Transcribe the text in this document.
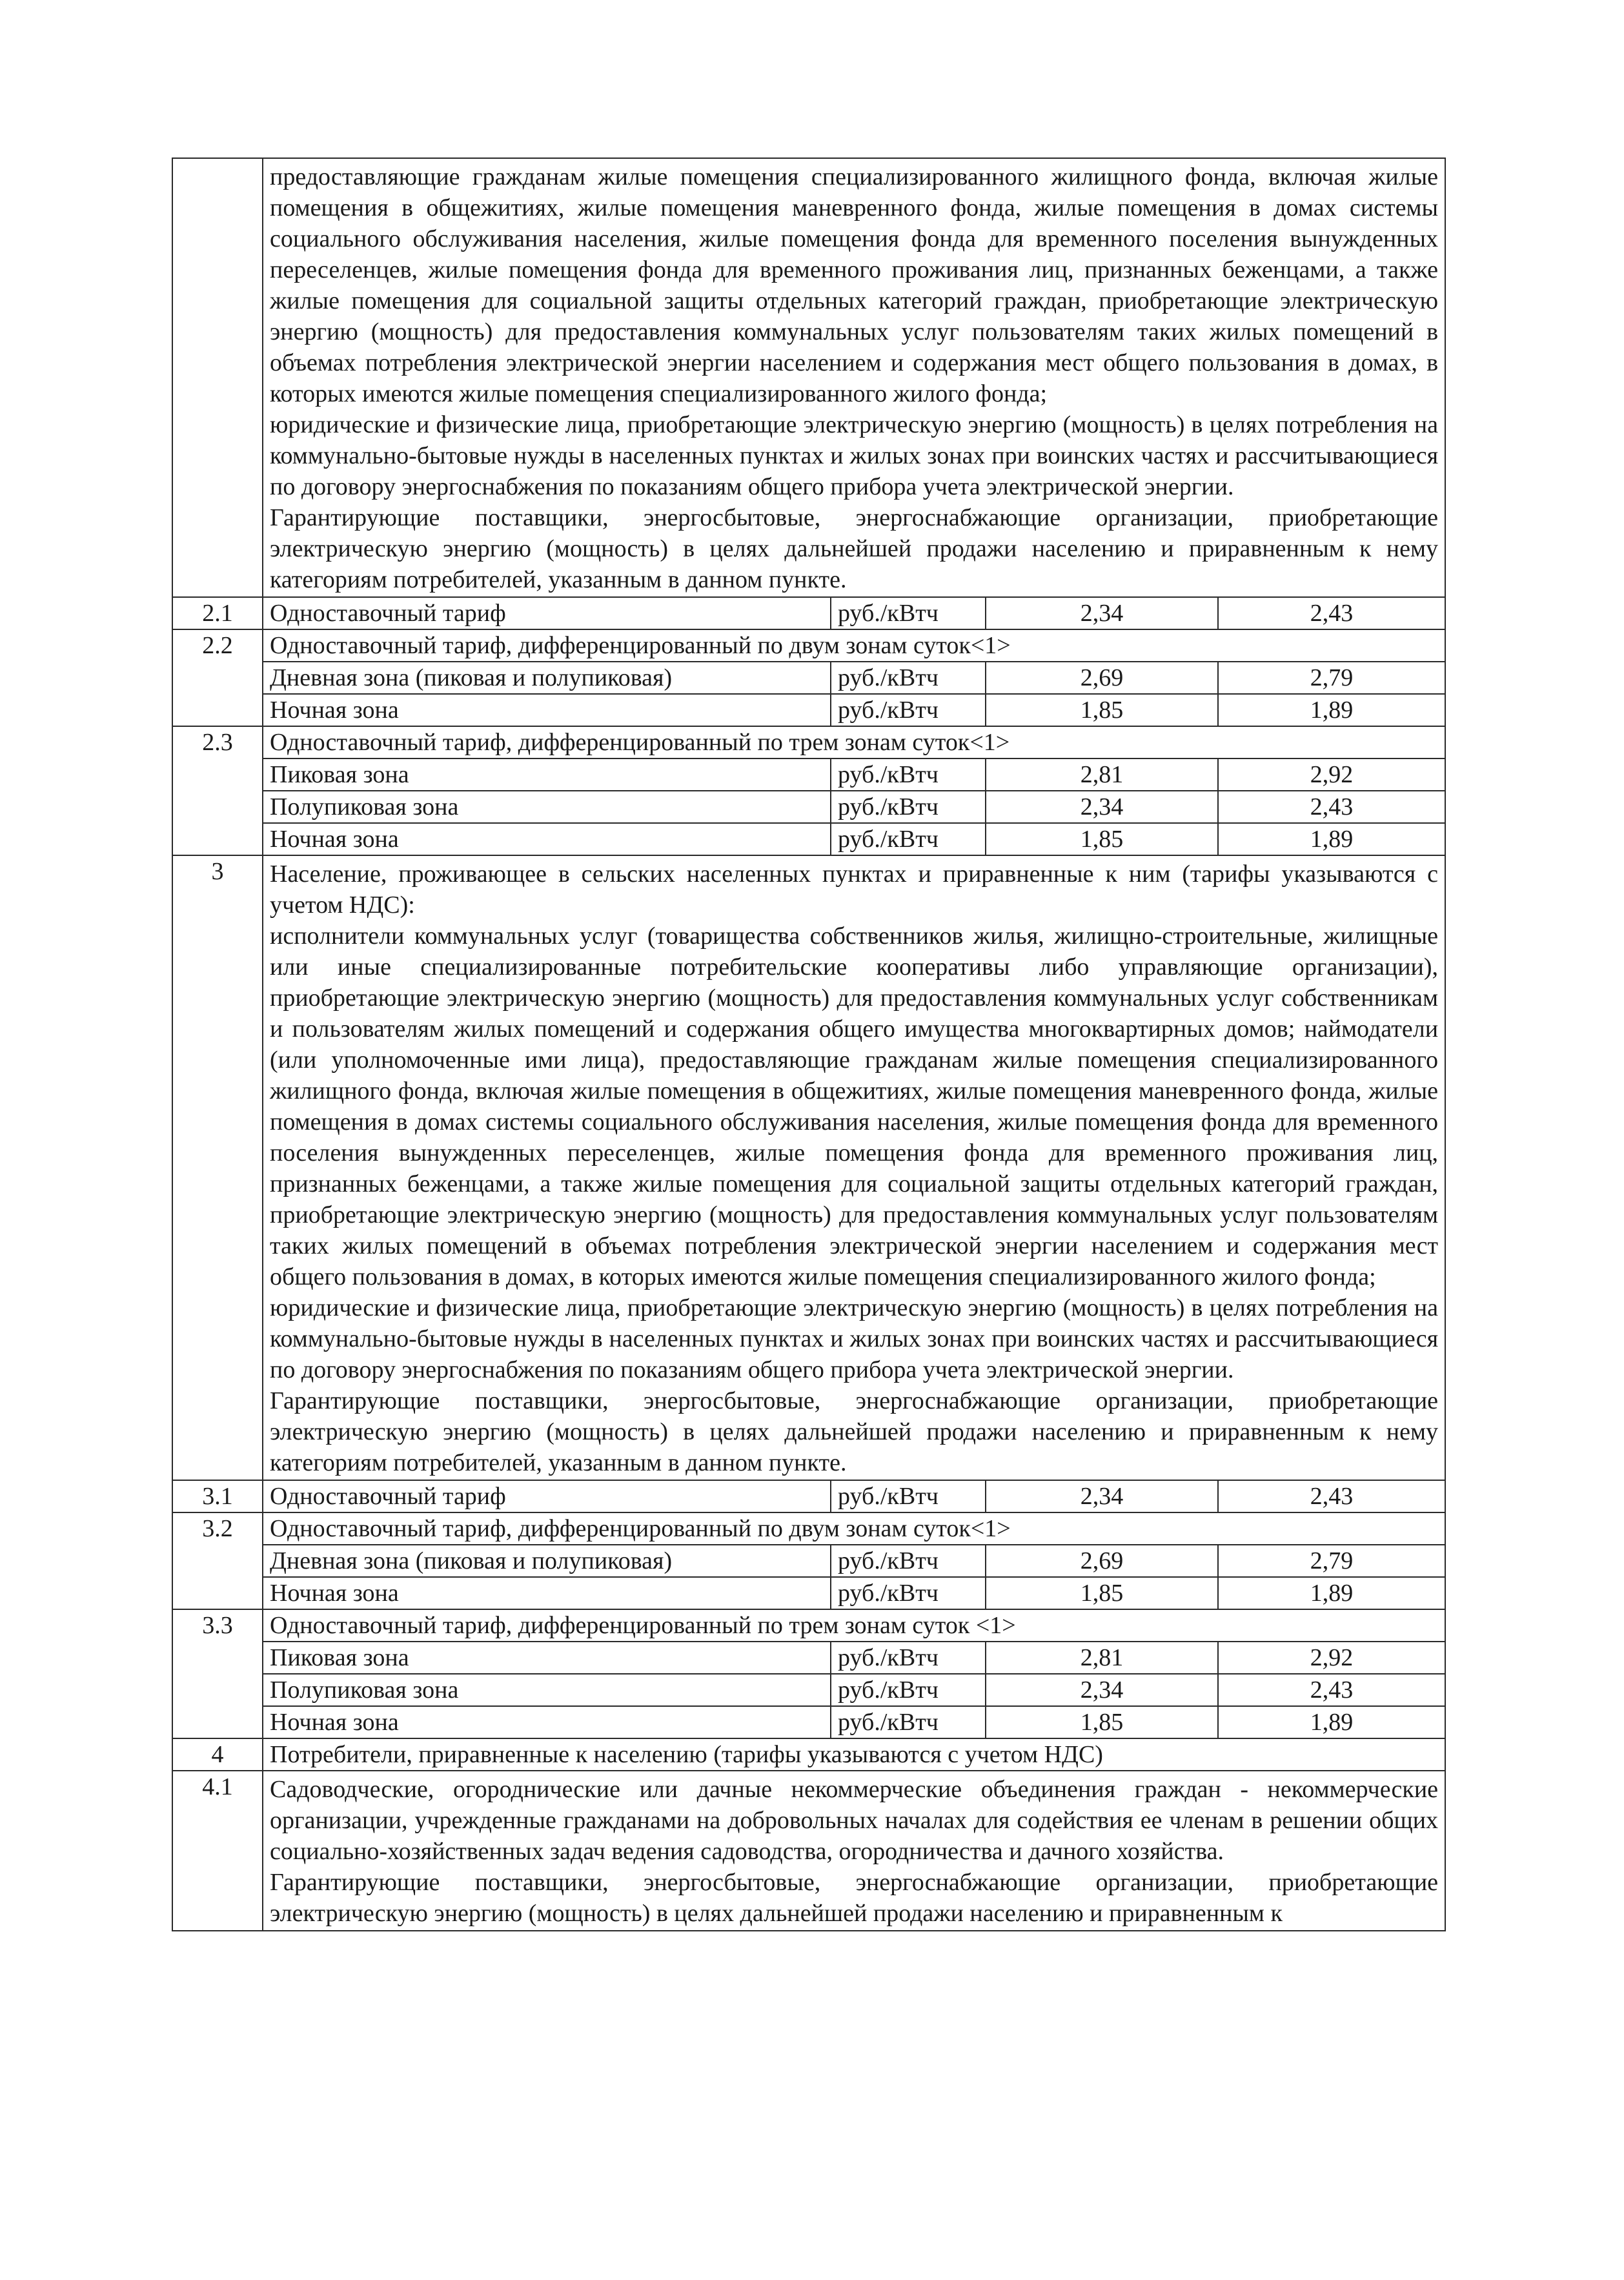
	предоставляющие гражданам жилые помещения специализированного жилищного фонда, включая жилые помещения в общежитиях, жилые помещения маневренного фонда, жилые помещения в домах системы социального обслуживания населения, жилые помещения фонда для временного поселения вынужденных переселенцев, жилые помещения фонда для временного проживания лиц, признанных беженцами, а также жилые помещения для социальной защиты отдельных категорий граждан, приобретающие электрическую энергию (мощность) для предоставления коммунальных услуг пользователям таких жилых помещений в объемах потребления электрической энергии населением и содержания мест общего пользования в домах, в которых имеются жилые помещения специализированного жилого фонда;
юридические и физические лица, приобретающие электрическую энергию (мощность) в целях потребления на коммунально-бытовые нужды в населенных пунктах и жилых зонах при воинских частях и рассчитывающиеся по договору энергоснабжения по показаниям общего прибора учета электрической энергии.
Гарантирующие поставщики, энергосбытовые, энергоснабжающие организации, приобретающие электрическую энергию (мощность) в целях дальнейшей продажи населению и приравненным к нему категориям потребителей, указанным в данном пункте.			

2.1	Одноставочный тариф	руб./кВтч	2,34	2,43
2.2	Одноставочный тариф, дифференцированный по двум зонам суток<1>			
	Дневная зона (пиковая и полупиковая)	руб./кВтч	2,69	2,79
	Ночная зона	руб./кВтч	1,85	1,89
2.3	Одноставочный тариф, дифференцированный по трем зонам суток<1>			
	Пиковая зона	руб./кВтч	2,81	2,92
	Полупиковая зона	руб./кВтч	2,34	2,43
	Ночная зона	руб./кВтч	1,85	1,89
3	Население, проживающее в сельских населенных пунктах и приравненные к ним (тарифы указываются с учетом НДС):
исполнители коммунальных услуг (товарищества собственников жилья, жилищно-строительные, жилищные или иные специализированные потребительские кооперативы либо управляющие организации), приобретающие электрическую энергию (мощность) для предоставления коммунальных услуг собственникам и пользователям жилых помещений и содержания общего имущества многоквартирных домов; наймодатели (или уполномоченные ими лица), предоставляющие гражданам жилые помещения специализированного жилищного фонда, включая жилые помещения в общежитиях, жилые помещения маневренного фонда, жилые помещения в домах системы социального обслуживания населения, жилые помещения фонда для временного поселения вынужденных переселенцев, жилые помещения фонда для временного проживания лиц, признанных беженцами, а также жилые помещения для социальной защиты отдельных категорий граждан, приобретающие электрическую энергию (мощность) для предоставления коммунальных услуг пользователям таких жилых помещений в объемах потребления электрической энергии населением и содержания мест общего пользования в домах, в которых имеются жилые помещения специализированного жилого фонда;
юридические и физические лица, приобретающие электрическую энергию (мощность) в целях потребления на коммунально-бытовые нужды в населенных пунктах и жилых зонах при воинских частях и рассчитывающиеся по договору энергоснабжения по показаниям общего прибора учета электрической энергии.
Гарантирующие поставщики, энергосбытовые, энергоснабжающие организации, приобретающие электрическую энергию (мощность) в целях дальнейшей продажи населению и приравненным к нему категориям потребителей, указанным в данном пункте.			

3.1	Одноставочный тариф	руб./кВтч	2,34	2,43
3.2	Одноставочный тариф, дифференцированный по двум зонам суток<1>			
	Дневная зона (пиковая и полупиковая)	руб./кВтч	2,69	2,79
	Ночная зона	руб./кВтч	1,85	1,89
3.3	Одноставочный тариф, дифференцированный по трем зонам суток <1>			
	Пиковая зона	руб./кВтч	2,81	2,92
	Полупиковая зона	руб./кВтч	2,34	2,43
	Ночная зона	руб./кВтч	1,85	1,89
4	Потребители, приравненные к населению (тарифы указываются с учетом НДС)			
4.1	Садоводческие, огороднические или дачные некоммерческие объединения граждан - некоммерческие организации, учрежденные гражданами на добровольных началах для содействия ее членам в решении общих социально-хозяйственных задач ведения садоводства, огородничества и дачного хозяйства.
Гарантирующие поставщики, энергосбытовые, энергоснабжающие организации, приобретающие электрическую энергию (мощность) в целях дальнейшей продажи населению и приравненным к			
